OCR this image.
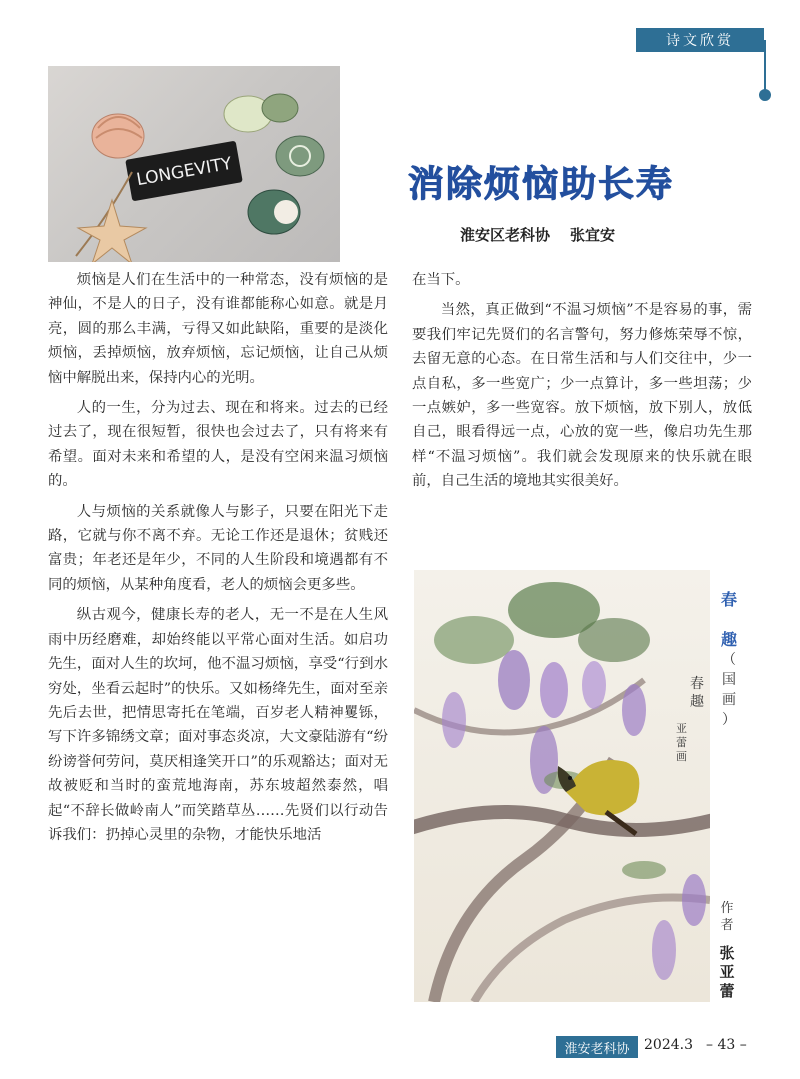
诗文欣赏
LONGEVITY	消除烦恼助长寿
淮安区老科协 张宜安

烦恼是人们在生活中的一种常态，没有烦恼的是神仙，不是人的日子，没有谁都能称心如意。就是月亮，圆的那么丰满，亏得又如此缺陷，重要的是淡化烦恼，丢掉烦恼，放弃烦恼，忘记烦恼，让自己从烦恼中解脱出来，保持内心的光明。

人的一生，分为过去、现在和将来。过去的已经过去了，现在很短暂，很快也会过去了，只有将来有希望。面对未来和希望的人，是没有空闲来温习烦恼的。

人与烦恼的关系就像人与影子，只要在阳光下走路，它就与你不离不弃。无论工作还是退休；贫贱还富贵；年老还是年少，不同的人生阶段和境遇都有不同的烦恼，从某种角度看，老人的烦恼会更多些。

纵古观今，健康长寿的老人，无一不是在人生风雨中历经磨难，却始终能以平常心面对生活。如启功先生，面对人生的坎坷，他不温习烦恼，享受“行到水穷处，坐看云起时”的快乐。又如杨绛先生，面对至亲先后去世，把情思寄托在笔端，百岁老人精神矍铄，写下许多锦绣文章；面对事态炎凉，大文豪陆游有“纷纷谤誉何劳问，莫厌相逢笑开口”的乐观豁达；面对无故被贬和当时的蛮荒地海南，苏东坡超然泰然，唱起“不辞长做岭南人”而笑踏草丛……先贤们以行动告诉我们：扔掉心灵里的杂物，才能快乐地活

在当下。

当然，真正做到“不温习烦恼”不是容易的事，需要我们牢记先贤们的名言警句，努力修炼荣辱不惊，去留无意的心态。在日常生活和与人们交往中，少一点自私，多一些宽广；少一点算计，多一些坦荡；少一点嫉妒，多一些宽容。放下烦恼，放下别人，放低自己，眼看得远一点，心放的宽一些，像启功先生那样“不温习烦恼”。我们就会发现原来的快乐就在眼前，自己生活的境地其实很美好。

春
趣
亚
蕾
画
春
趣
（
国
画
）
作
者
张
亚
蕾
淮安老科协	2024.3 – 43 –
